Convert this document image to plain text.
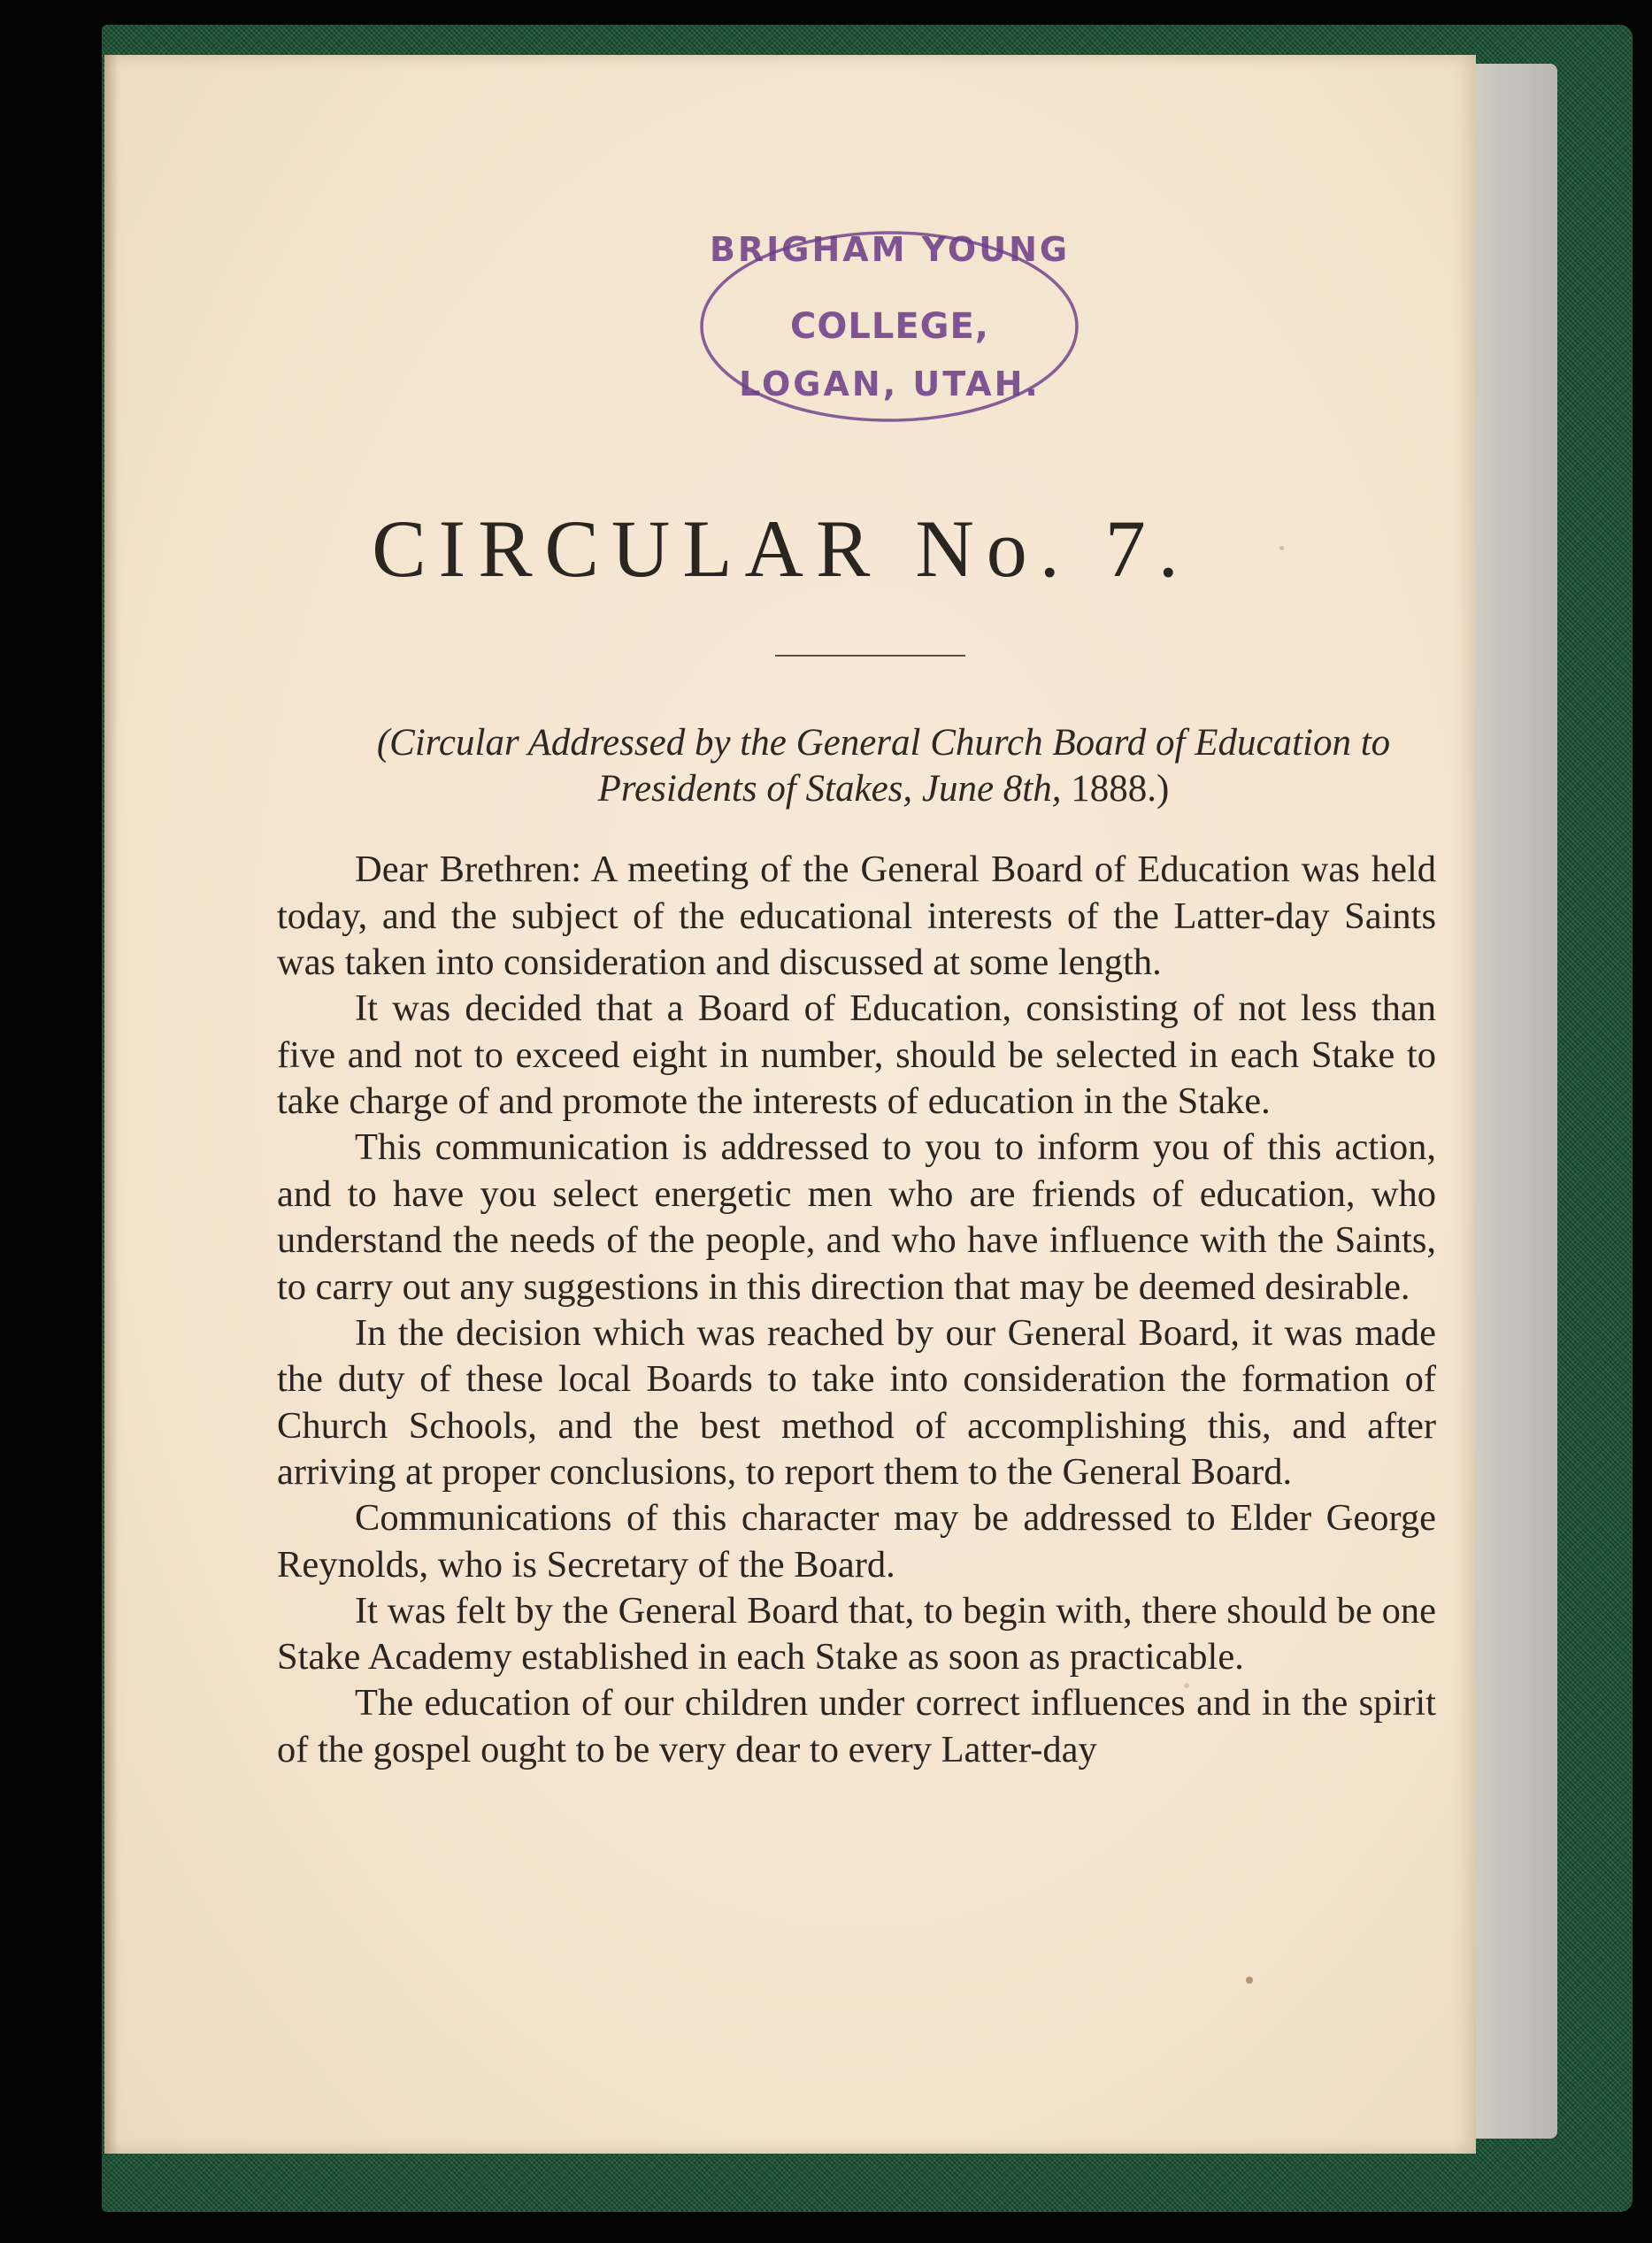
BRIGHAM YOUNG
COLLEGE,
LOGAN, UTAH.
CIRCULAR No. 7.
(Circular Addressed by the General Church Board of Education to Presidents of Stakes, June 8th, 1888.)

Dear Brethren: A meeting of the General Board of Education was held today, and the subject of the educational interests of the Latter-day Saints was taken into consideration and discussed at some length.

It was decided that a Board of Education, consisting of not less than five and not to exceed eight in number, should be selected in each Stake to take charge of and promote the interests of education in the Stake.

This communication is addressed to you to inform you of this action, and to have you select energetic men who are friends of education, who understand the needs of the people, and who have influence with the Saints, to carry out any suggestions in this direction that may be deemed desirable.

In the decision which was reached by our General Board, it was made the duty of these local Boards to take into consideration the formation of Church Schools, and the best method of accomplishing this, and after arriving at proper conclusions, to report them to the General Board.

Communications of this character may be addressed to Elder George Reynolds, who is Secretary of the Board.

It was felt by the General Board that, to begin with, there should be one Stake Academy established in each Stake as soon as practicable.

The education of our children under correct influences and in the spirit of the gospel ought to be very dear to every Latter-day
